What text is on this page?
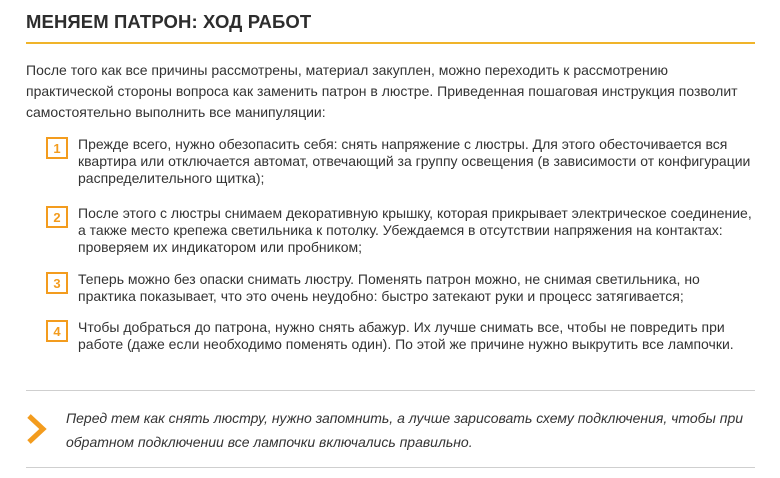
МЕНЯЕМ ПАТРОН: ХОД РАБОТ

После того как все причины рассмотрены, материал закуплен, можно переходить к рассмотрению практической стороны вопроса как заменить патрон в люстре. Приведенная пошаговая инструкция позволит самостоятельно выполнить все манипуляции:

1	Прежде всего, нужно обезопасить себя: снять напряжение с люстры. Для этого обесточивается вся квартира или отключается автомат, отвечающий за группу освещения (в зависимости от конфигурации распределительного щитка);

2	После этого с люстры снимаем декоративную крышку, которая прикрывает электрическое соединение, а также место крепежа светильника к потолку. Убеждаемся в отсутствии напряжения на контактах: проверяем их индикатором или пробником;

3	Теперь можно без опаски снимать люстру. Поменять патрон можно, не снимая светильника, но практика показывает, что это очень неудобно: быстро затекают руки и процесс затягивается;

4	Чтобы добраться до патрона, нужно снять абажур. Их лучше снимать все, чтобы не повредить при работе (даже если необходимо поменять один). По этой же причине нужно выкрутить все лампочки.

Перед тем как снять люстру, нужно запомнить, а лучше зарисовать схему подключения, чтобы при обратном подключении все лампочки включались правильно.
